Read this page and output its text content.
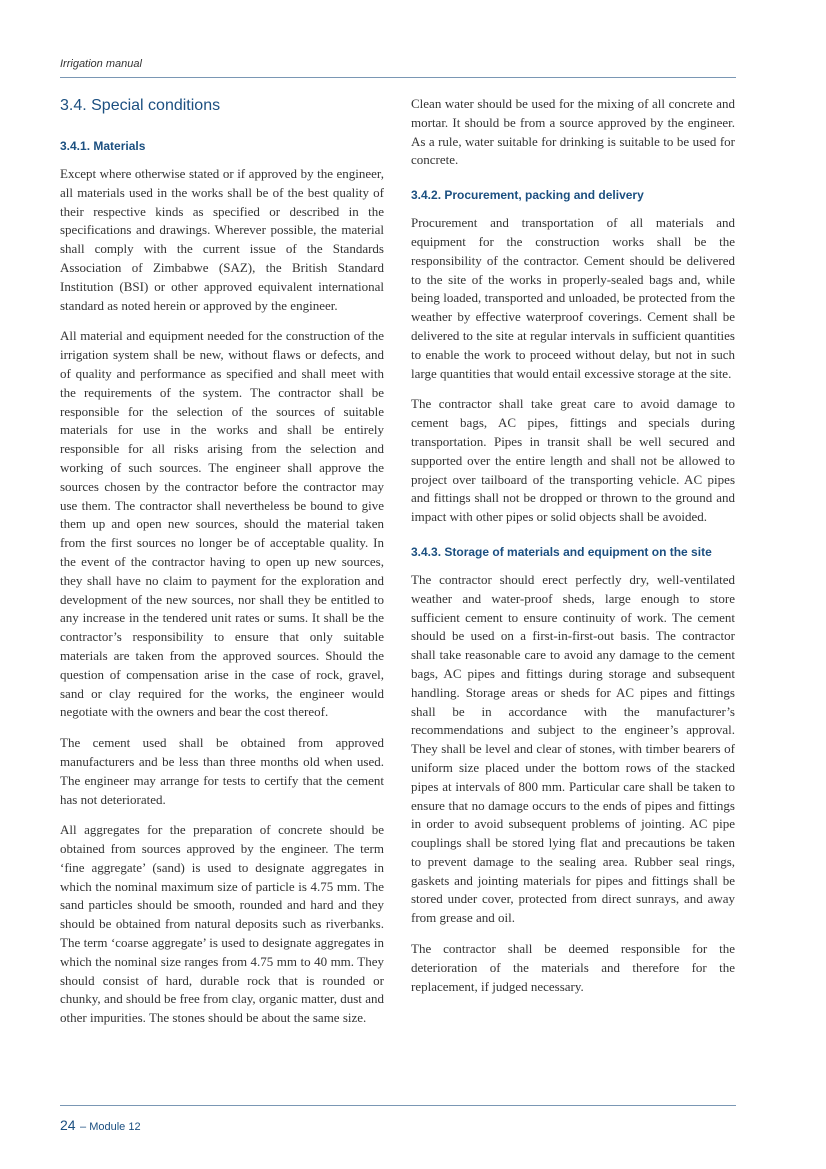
Irrigation manual
3.4. Special conditions
3.4.1. Materials

Except where otherwise stated or if approved by the engineer, all materials used in the works shall be of the best quality of their respective kinds as specified or described in the specifications and drawings. Wherever possible, the material shall comply with the current issue of the Standards Association of Zimbabwe (SAZ), the British Standard Institution (BSI) or other approved equivalent international standard as noted herein or approved by the engineer.

All material and equipment needed for the construction of the irrigation system shall be new, without flaws or defects, and of quality and performance as specified and shall meet with the requirements of the system. The contractor shall be responsible for the selection of the sources of suitable materials for use in the works and shall be entirely responsible for all risks arising from the selection and working of such sources. The engineer shall approve the sources chosen by the contractor before the contractor may use them. The contractor shall nevertheless be bound to give them up and open new sources, should the material taken from the first sources no longer be of acceptable quality. In the event of the contractor having to open up new sources, they shall have no claim to payment for the exploration and development of the new sources, nor shall they be entitled to any increase in the tendered unit rates or sums. It shall be the contractor’s responsibility to ensure that only suitable materials are taken from the approved sources. Should the question of compensation arise in the case of rock, gravel, sand or clay required for the works, the engineer would negotiate with the owners and bear the cost thereof.

The cement used shall be obtained from approved manufacturers and be less than three months old when used. The engineer may arrange for tests to certify that the cement has not deteriorated.

All aggregates for the preparation of concrete should be obtained from sources approved by the engineer. The term ‘fine aggregate’ (sand) is used to designate aggregates in which the nominal maximum size of particle is 4.75 mm. The sand particles should be smooth, rounded and hard and they should be obtained from natural deposits such as riverbanks. The term ‘coarse aggregate’ is used to designate aggregates in which the nominal size ranges from 4.75 mm to 40 mm. They should consist of hard, durable rock that is rounded or chunky, and should be free from clay, organic matter, dust and other impurities. The stones should be about the same size.

Clean water should be used for the mixing of all concrete and mortar. It should be from a source approved by the engineer. As a rule, water suitable for drinking is suitable to be used for concrete.

3.4.2. Procurement, packing and delivery

Procurement and transportation of all materials and equipment for the construction works shall be the responsibility of the contractor. Cement should be delivered to the site of the works in properly-sealed bags and, while being loaded, transported and unloaded, be protected from the weather by effective waterproof coverings. Cement shall be delivered to the site at regular intervals in sufficient quantities to enable the work to proceed without delay, but not in such large quantities that would entail excessive storage at the site.

The contractor shall take great care to avoid damage to cement bags, AC pipes, fittings and specials during transportation. Pipes in transit shall be well secured and supported over the entire length and shall not be allowed to project over tailboard of the transporting vehicle. AC pipes and fittings shall not be dropped or thrown to the ground and impact with other pipes or solid objects shall be avoided.

3.4.3. Storage of materials and equipment on the site

The contractor should erect perfectly dry, well-ventilated weather and water-proof sheds, large enough to store sufficient cement to ensure continuity of work. The cement should be used on a first-in-first-out basis. The contractor shall take reasonable care to avoid any damage to the cement bags, AC pipes and fittings during storage and subsequent handling. Storage areas or sheds for AC pipes and fittings shall be in accordance with the manufacturer’s recommendations and subject to the engineer’s approval. They shall be level and clear of stones, with timber bearers of uniform size placed under the bottom rows of the stacked pipes at intervals of 800 mm. Particular care shall be taken to ensure that no damage occurs to the ends of pipes and fittings in order to avoid subsequent problems of jointing. AC pipe couplings shall be stored lying flat and precautions be taken to prevent damage to the sealing area. Rubber seal rings, gaskets and jointing materials for pipes and fittings shall be stored under cover, protected from direct sunrays, and away from grease and oil.

The contractor shall be deemed responsible for the deterioration of the materials and therefore for the replacement, if judged necessary.

24 – Module 12
